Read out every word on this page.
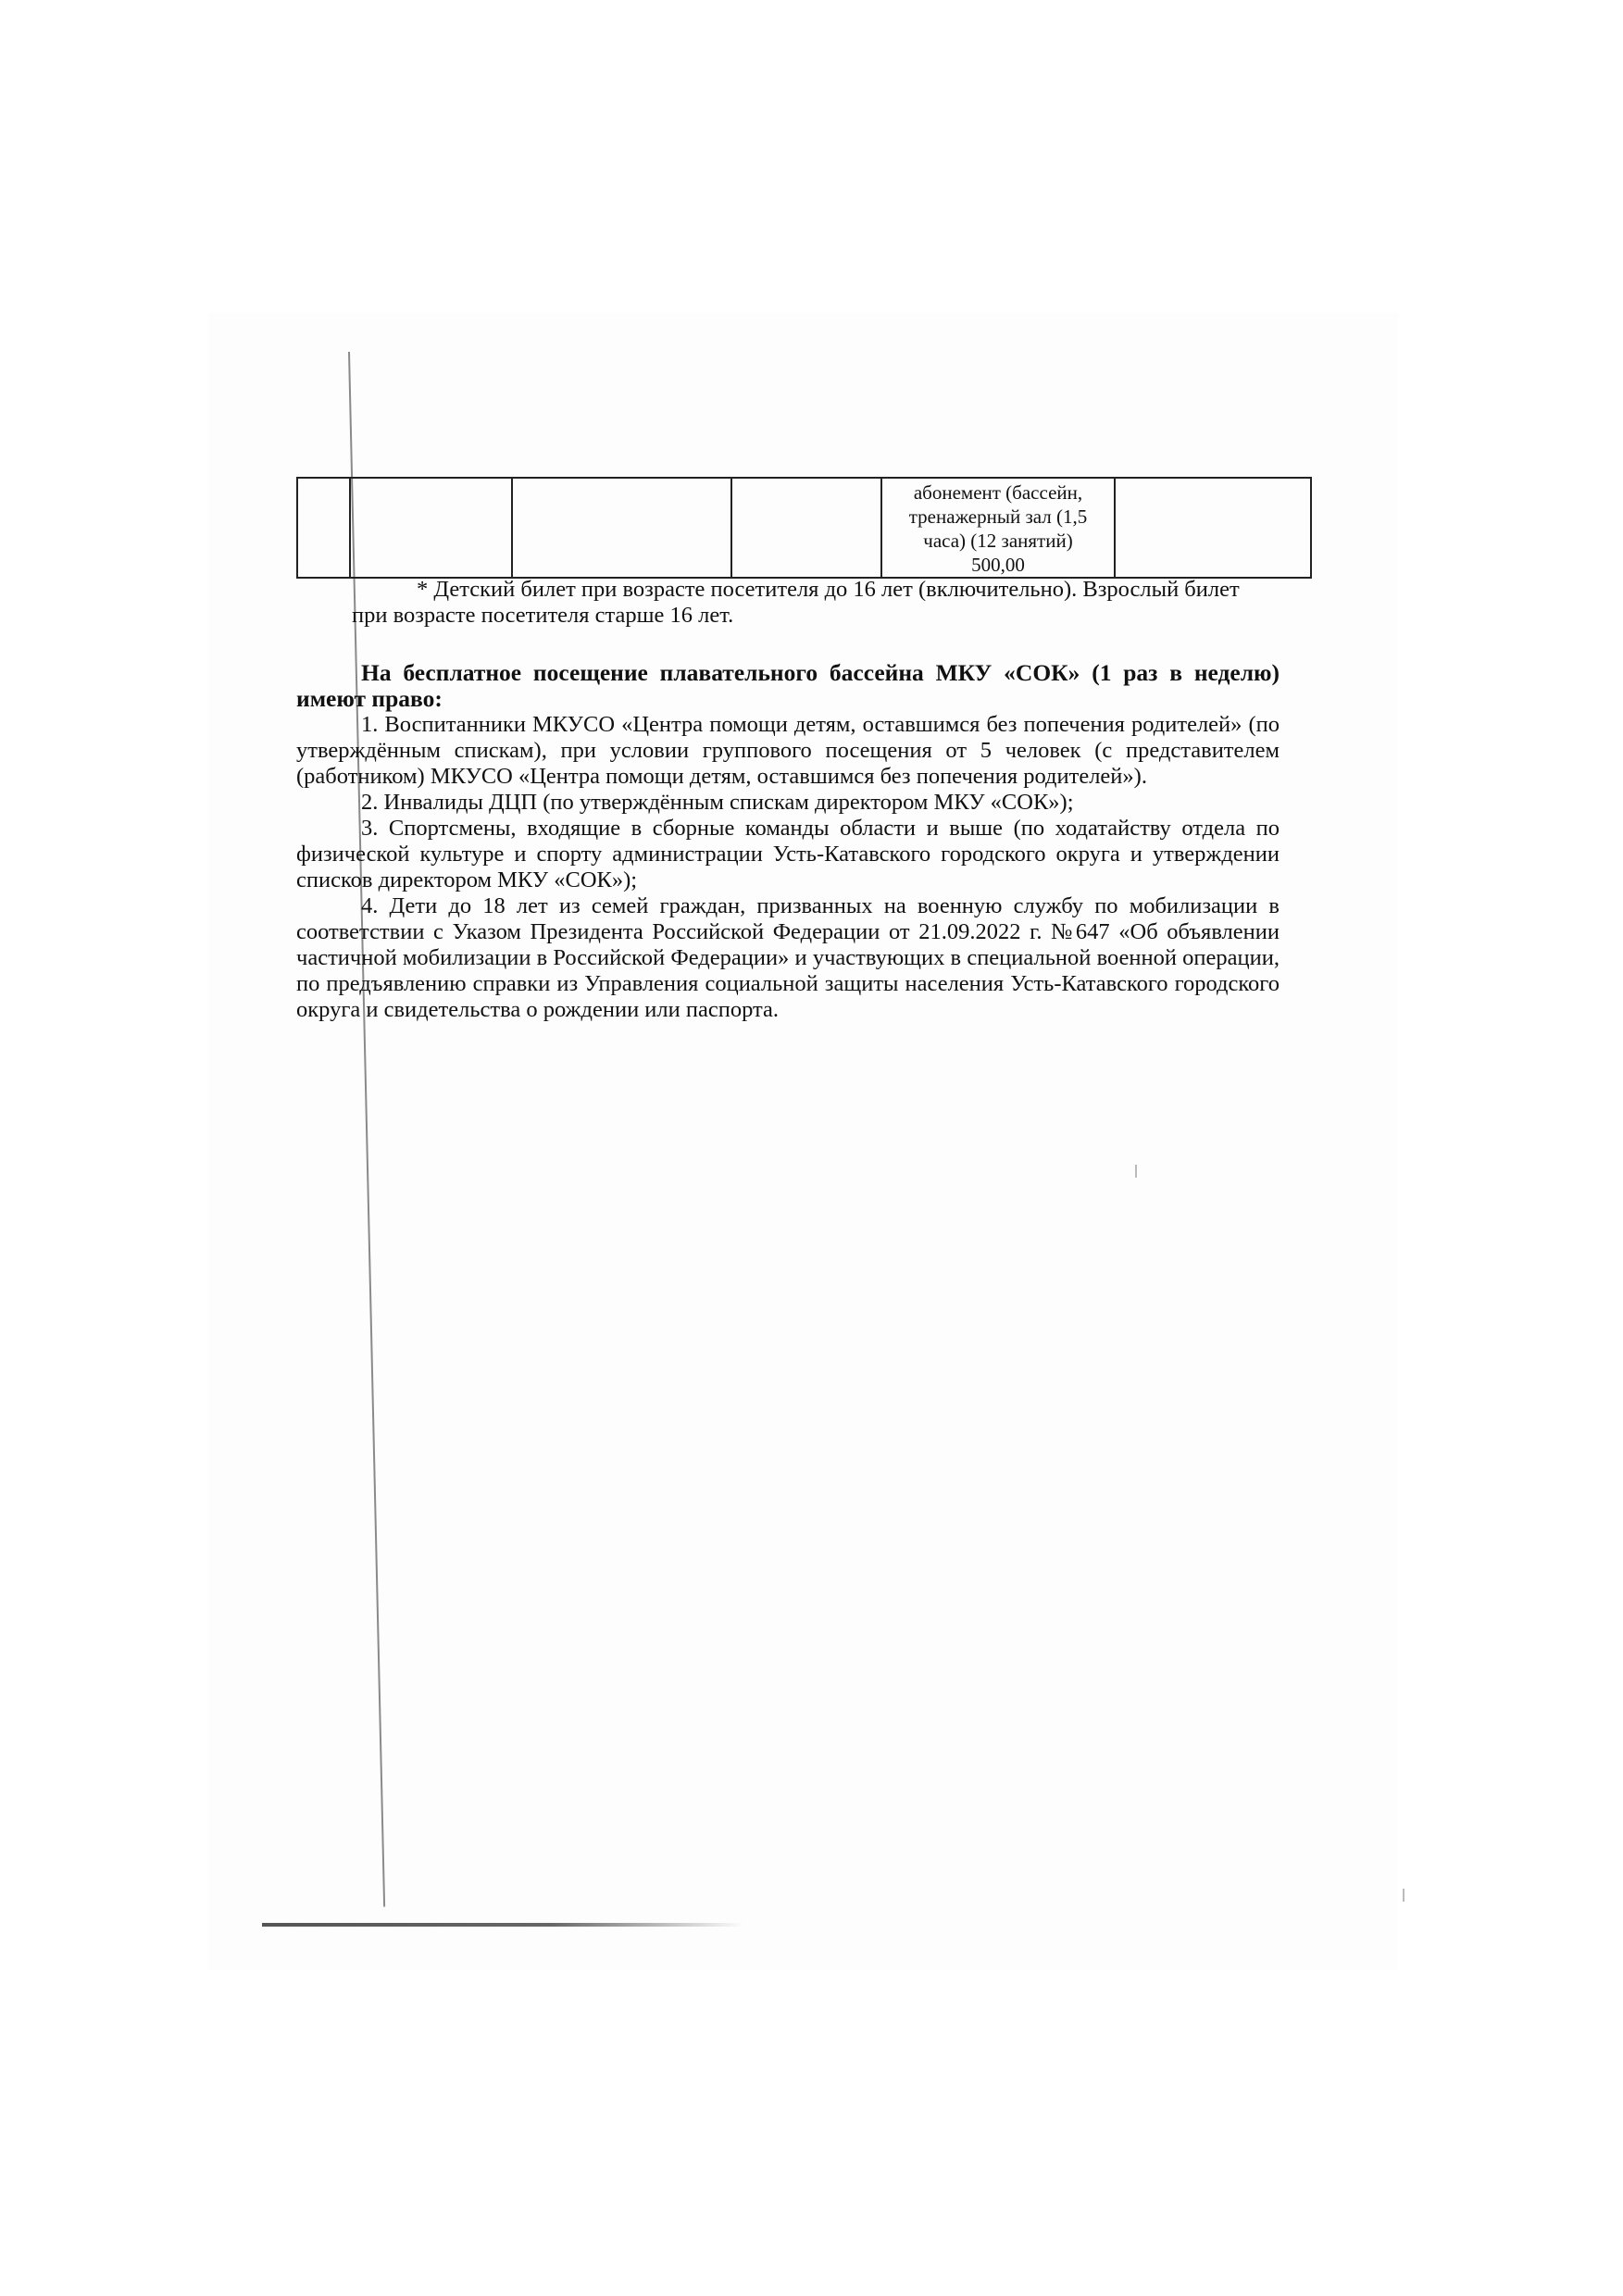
абонемент (бассейн,
тренажерный зал (1,5
часа) (12 занятий)
500,00

* Детский билет при возрасте посетителя до 16 лет (включительно). Взрослый билет

при возрасте посетителя старше 16 лет.

На бесплатное посещение плавательного бассейна МКУ «СОК» (1 раз в неделю) имеют право:

1. Воспитанники МКУСО «Центра помощи детям, оставшимся без попечения родителей» (по утверждённым спискам), при условии группового посещения от 5 человек (с представителем (работником) МКУСО «Центра помощи детям, оставшимся без попечения родителей»).

2. Инвалиды ДЦП (по утверждённым спискам директором МКУ «СОК»);

3. Спортсмены, входящие в сборные команды области и выше (по ходатайству отдела по физической культуре и спорту администрации Усть-Катавского городского округа и утверждении списков директором МКУ «СОК»);

4. Дети до 18 лет из семей граждан, призванных на военную службу по мобилизации в соответствии с Указом Президента Российской Федерации от 21.09.2022 г. №647 «Об объявлении частичной мобилизации в Российской Федерации» и участвующих в специальной военной операции, по предъявлению справки из Управления социальной защиты населения Усть-Катавского городского округа и свидетельства о рождении или паспорта.
